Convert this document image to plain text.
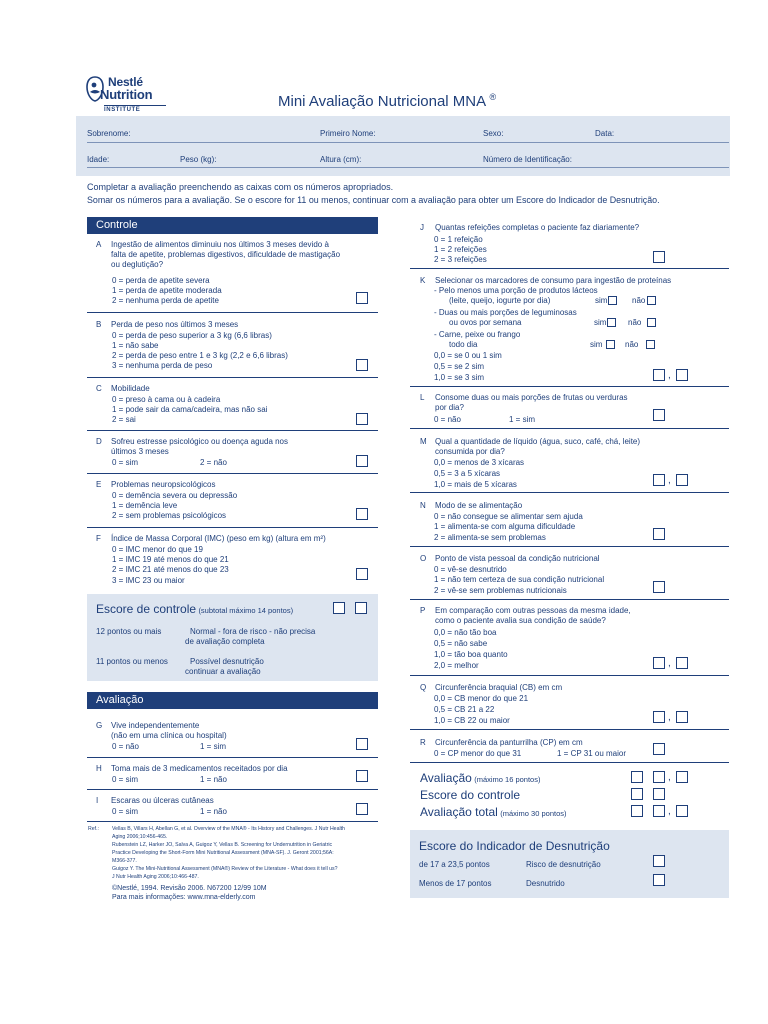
Nestlé
Nutrition
INSTITUTE	Mini Avaliação Nutricional MNA ®
Sobrenome:	Primeiro Nome:	Sexo:	Data:
Idade:	Peso (kg):	Altura (cm):	Número de Identificação:
Completar a avaliação preenchendo as caixas com os números apropriados.
Somar os números para a avaliação. Se o escore for 11 ou menos, continuar com a avaliação para obter um Escore do Indicador de Desnutrição.
Controle
A Ingestão de alimentos diminuiu nos últimos 3 meses devido à
falta de apetite, problemas digestivos, dificuldade de mastigação
ou deglutição?
0 = perda de apetite severa
1 = perda de apetite moderada
2 = nenhuma perda de apetite
B Perda de peso nos últimos 3 meses
0 = perda de peso superior a 3 kg (6,6 libras)
1 = não sabe
2 = perda de peso entre 1 e 3 kg (2,2 e 6,6 libras)
3 = nenhuma perda de peso
C Mobilidade
0 = preso à cama ou à cadeira
1 = pode sair da cama/cadeira, mas não sai
2 = sai
D Sofreu estresse psicológico ou doença aguda nos
últimos 3 meses
0 = sim	2 = não
E Problemas neuropsicológicos
0 = demência severa ou depressão
1 = demência leve
2 = sem problemas psicológicos
F Índice de Massa Corporal (IMC) (peso em kg) (altura em m²)
0 = IMC menor do que 19
1 = IMC 19 até menos do que 21
2 = IMC 21 até menos do que 23
3 = IMC 23 ou maior
Escore de controle (subtotal máximo 14 pontos)
12 pontos ou mais	Normal - fora de risco - não precisa
de avaliação completa
11 pontos ou menos	Possível desnutrição
continuar a avaliação
Avaliação
G Vive independentemente
(não em uma clínica ou hospital)
0 = não	1 = sim
H Toma mais de 3 medicamentos receitados por dia
0 = sim	1 = não
I Escaras ou úlceras cutâneas
0 = sim	1 = não
Ref.:	Vellas B, Villars H, Abellan G, et al. Overview of the MNA® - Its History and Challenges. J Nutr Health
Aging 2006;10:456-465.
Rubenstein LZ, Harker JO, Salva A, Guigoz Y, Vellas B. Screening for Undernutrition in Geriatric
Practice Developing the Short-Form Mini Nutritional Assessment (MNA-SF). J. Geront 2001;56A:
M366-377.
Guigoz Y. The Mini-Nutritional Assessment (MNA®) Review of the Literature - What does it tell us?
J Nutr Health Aging 2006;10:466-487.
©Nestlé, 1994. Revisão 2006. N67200 12/99 10M
Para mais informações: www.mna-elderly.com
J Quantas refeições completas o paciente faz diariamente?
0 = 1 refeição
1 = 2 refeições
2 = 3 refeições
K Selecionar os marcadores de consumo para ingestão de proteínas
- Pelo menos uma porção de produtos lácteos
(leite, queijo, iogurte por dia)	sim	não
- Duas ou mais porções de leguminosas
ou ovos por semana	sim	não
- Carne, peixe ou frango
todo dia	sim	não
0,0 = se 0 ou 1 sim
0,5 = se 2 sim
1,0 = se 3 sim	,
L Consome duas ou mais porções de frutas ou verduras
por dia?
0 = não	1 = sim
M Qual a quantidade de líquido (água, suco, café, chá, leite)
consumida por dia?
0,0 = menos de 3 xícaras
0,5 = 3 a 5 xícaras
1,0 = mais de 5 xícaras	,
N Modo de se alimentação
0 = não consegue se alimentar sem ajuda
1 = alimenta-se com alguma dificuldade
2 = alimenta-se sem problemas
O Ponto de vista pessoal da condição nutricional
0 = vê-se desnutrido
1 = não tem certeza de sua condição nutricional
2 = vê-se sem problemas nutricionais
P Em comparação com outras pessoas da mesma idade,
como o paciente avalia sua condição de saúde?
0,0 = não tão boa
0,5 = não sabe
1,0 = tão boa quanto
2,0 = melhor	,
Q Circunferência braquial (CB) em cm
0,0 = CB menor do que 21
0,5 = CB 21 a 22
1,0 = CB 22 ou maior	,
R Circunferência da panturrilha (CP) em cm
0 = CP menor do que 31	1 = CP 31 ou maior
Avaliação (máximo 16 pontos)	,
Escore do controle
Avaliação total (máximo 30 pontos)	,
Escore do Indicador de Desnutrição
de 17 a 23,5 pontos	Risco de desnutrição
Menos de 17 pontos	Desnutrido
